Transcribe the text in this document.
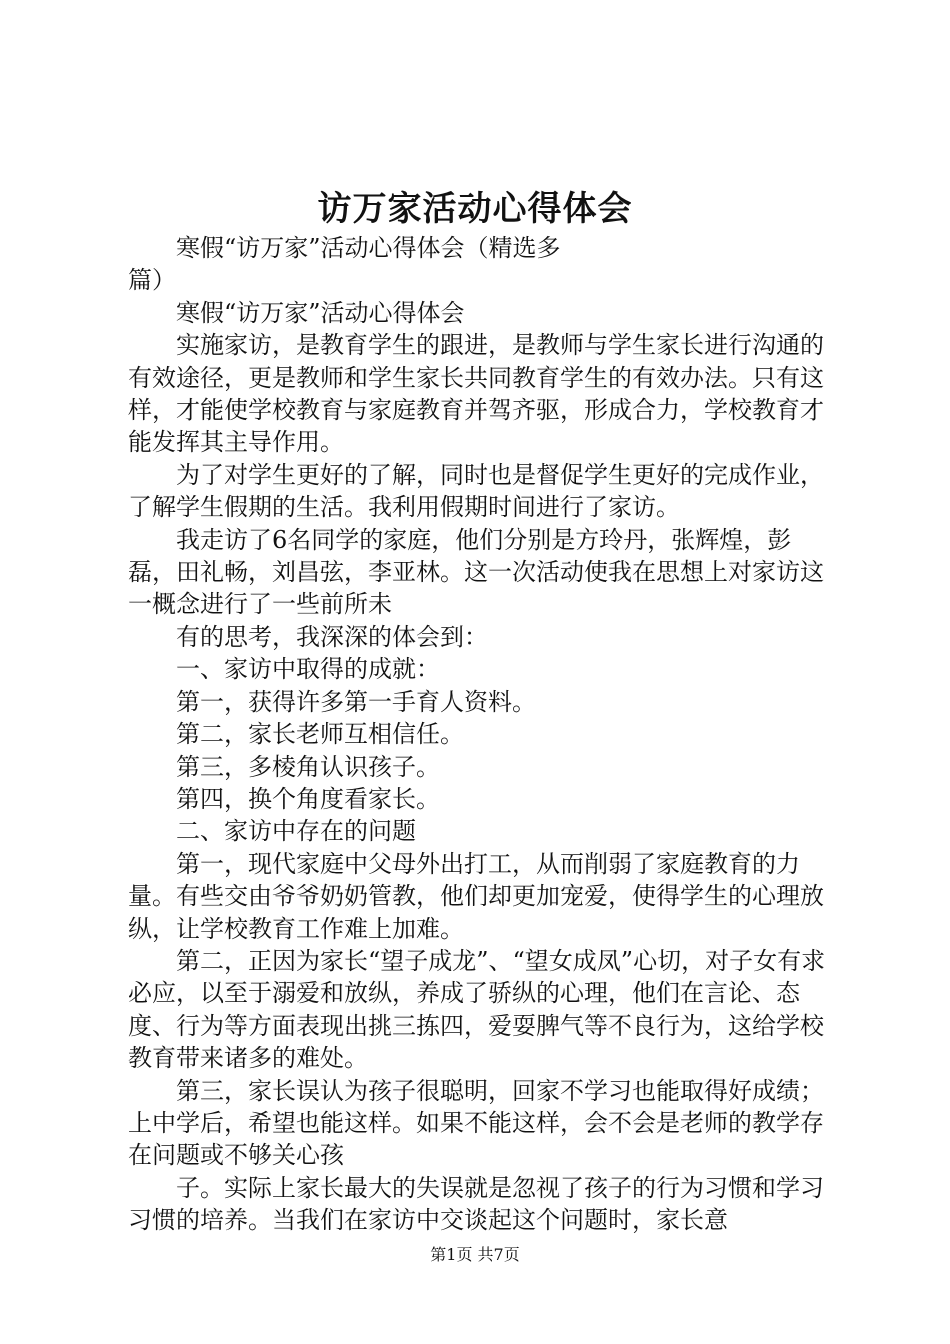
访万家活动心得体会

寒假“访万家”活动心得体会（精选多篇）

寒假“访万家”活动心得体会

实施家访，是教育学生的跟进，是教师与学生家长进行沟通的有效途径，更是教师和学生家长共同教育学生的有效办法。只有这样，才能使学校教育与家庭教育并驾齐驱，形成合力，学校教育才能发挥其主导作用。

为了对学生更好的了解，同时也是督促学生更好的完成作业，了解学生假期的生活。我利用假期时间进行了家访。

我走访了6名同学的家庭，他们分别是方玲丹，张辉煌，彭磊，田礼畅，刘昌弦，李亚林。这一次活动使我在思想上对家访这一概念进行了一些前所未

有的思考，我深深的体会到：

一、家访中取得的成就：

第一，获得许多第一手育人资料。

第二，家长老师互相信任。

第三，多棱角认识孩子。

第四，换个角度看家长。

二、家访中存在的问题

第一，现代家庭中父母外出打工，从而削弱了家庭教育的力量。有些交由爷爷奶奶管教，他们却更加宠爱，使得学生的心理放纵，让学校教育工作难上加难。

第二，正因为家长“望子成龙”、“望女成凤”心切，对子女有求必应，以至于溺爱和放纵，养成了骄纵的心理，他们在言论、态度、行为等方面表现出挑三拣四，爱耍脾气等不良行为，这给学校教育带来诸多的难处。

第三，家长误认为孩子很聪明，回家不学习也能取得好成绩；上中学后，希望也能这样。如果不能这样，会不会是老师的教学存在问题或不够关心孩

子。实际上家长最大的失误就是忽视了孩子的行为习惯和学习习惯的培养。当我们在家访中交谈起这个问题时，家长意

第1页 共7页
